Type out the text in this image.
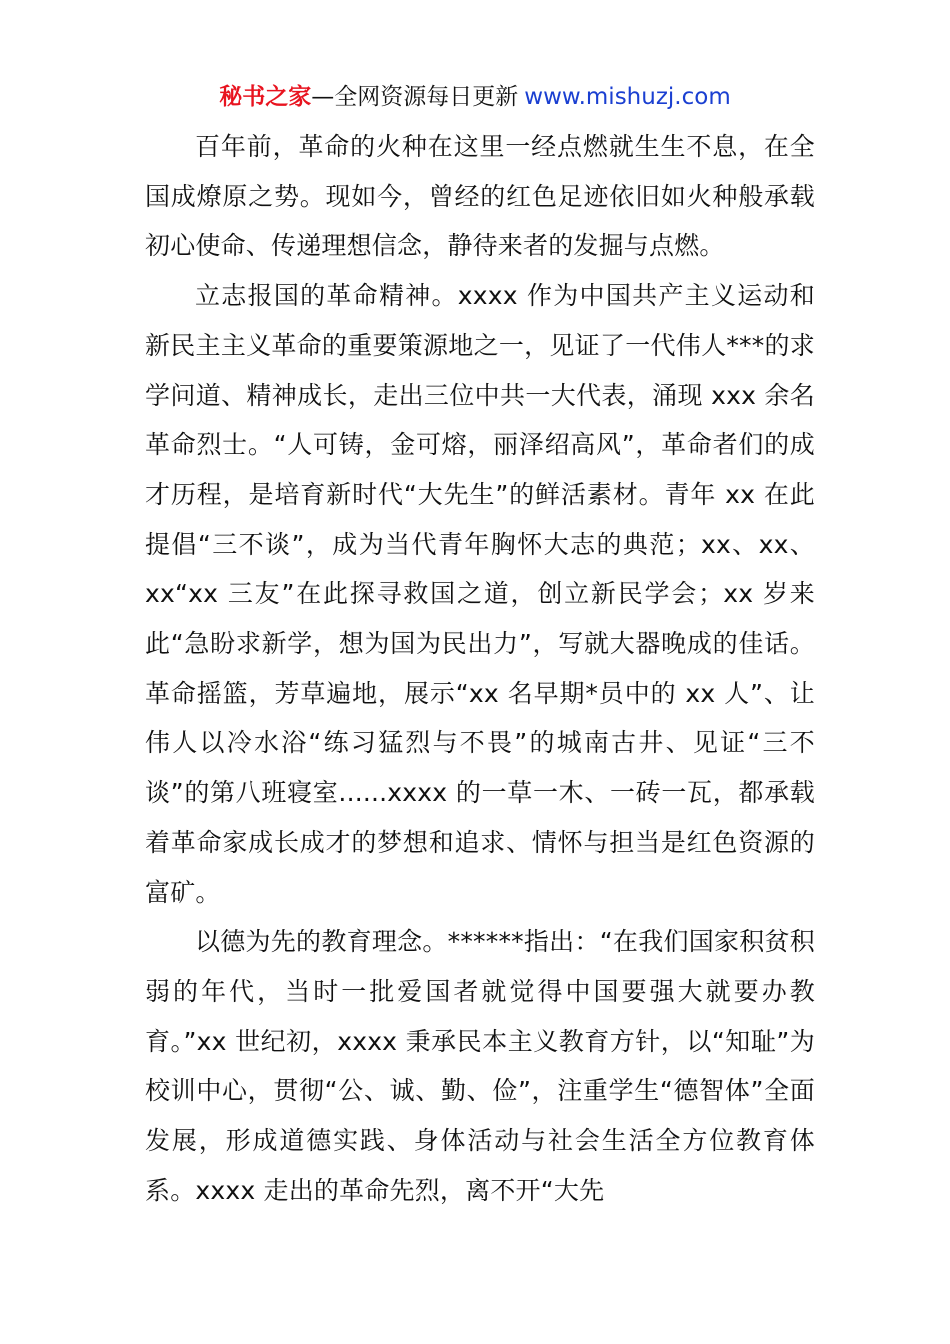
秘书之家—全网资源每日更新 www.mishuzj.com

百年前，革命的火种在这里一经点燃就生生不息，在全国成燎原之势。现如今，曾经的红色足迹依旧如火种般承载初心使命、传递理想信念，静待来者的发掘与点燃。

立志报国的革命精神。xxxx 作为中国共产主义运动和新民主主义革命的重要策源地之一，见证了一代伟人***的求学问道、精神成长，走出三位中共一大代表，涌现 xxx 余名革命烈士。“人可铸，金可熔，丽泽绍高风”，革命者们的成才历程，是培育新时代“大先生”的鲜活素材。青年 xx 在此提倡“三不谈”，成为当代青年胸怀大志的典范；xx、xx、xx“xx 三友”在此探寻救国之道，创立新民学会；xx 岁来此“急盼求新学，想为国为民出力”，写就大器晚成的佳话。革命摇篮，芳草遍地，展示“xx 名早期*员中的 xx 人”、让伟人以冷水浴“练习猛烈与不畏”的城南古井、见证“三不谈”的第八班寝室......xxxx 的一草一木、一砖一瓦，都承载着革命家成长成才的梦想和追求、情怀与担当是红色资源的富矿。

以德为先的教育理念。******指出：“在我们国家积贫积弱的年代，当时一批爱国者就觉得中国要强大就要办教育。”xx 世纪初，xxxx 秉承民本主义教育方针，以“知耻”为校训中心，贯彻“公、诚、勤、俭”，注重学生“德智体”全面发展，形成道德实践、身体活动与社会生活全方位教育体系。xxxx 走出的革命先烈，离不开“大先
